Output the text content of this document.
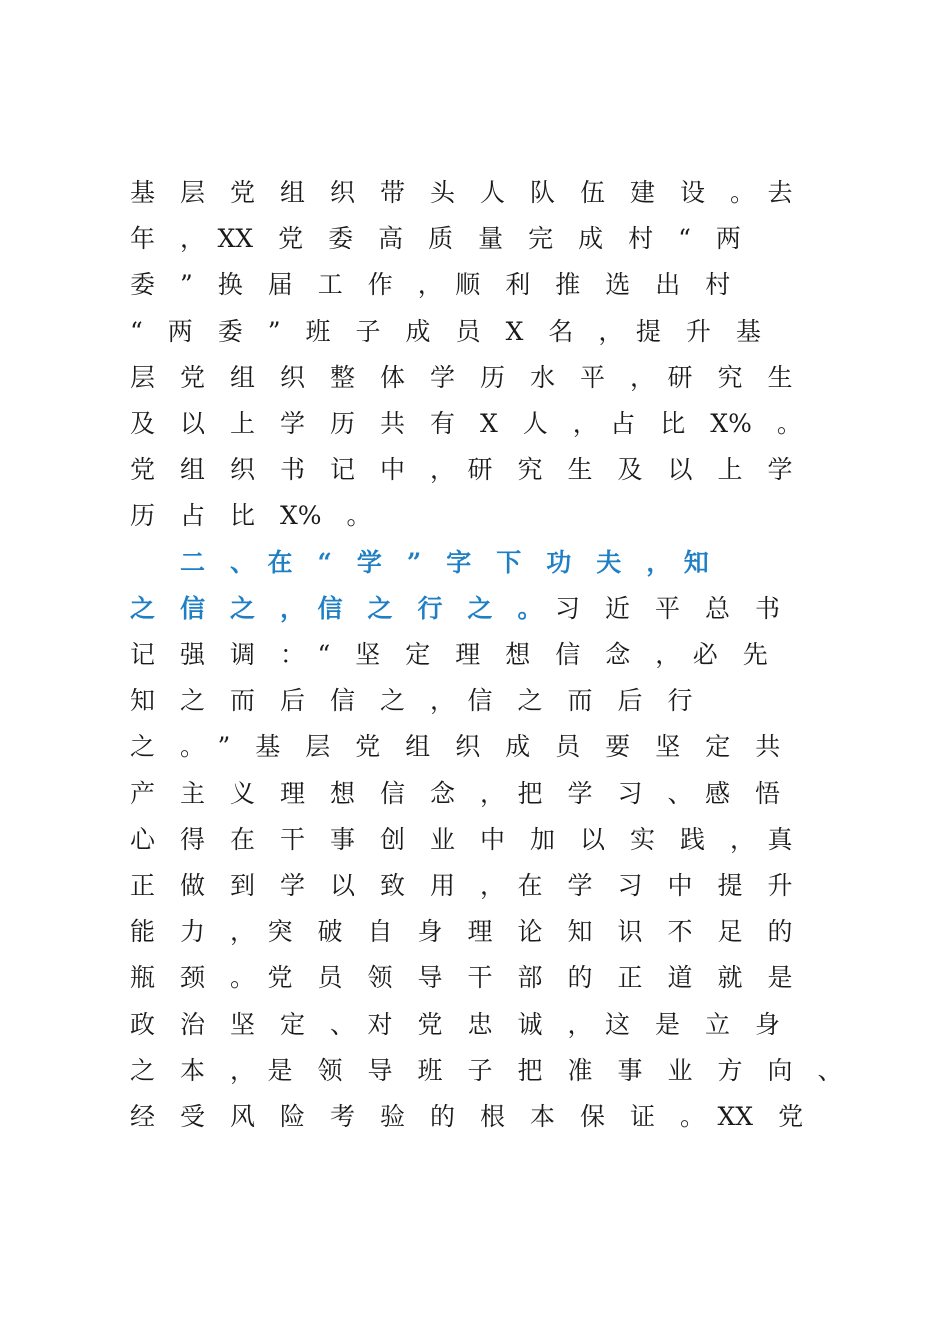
基　层　党　组　织　带　头　人　队　伍　建　设　。　去
年　，　XX　党　委　高　质　量　完　成　村　“　两
委　”　换　届　工　作　，　顺　利　推　选　出　村
“　两　委　”　班　子　成　员　X　名　，　提　升　基
层　党　组　织　整　体　学　历　水　平　，　研　究　生
及　以　上　学　历　共　有　X　人　，　占　比　X%　。
党　组　织　书　记　中　，　研　究　生　及　以　上　学
历　占　比　X%　。
　　二　、　在　“　学　”　字　下　功　夫　，　知
之　信　之　，　信　之　行　之　。　习　近　平　总　书
记　强　调　：　“　坚　定　理　想　信　念　，　必　先
知　之　而　后　信　之　，　信　之　而　后　行
之　。　”　基　层　党　组　织　成　员　要　坚　定　共
产　主　义　理　想　信　念　，　把　学　习　、　感　悟
心　得　在　干　事　创　业　中　加　以　实　践　，　真
正　做　到　学　以　致　用　，　在　学　习　中　提　升
能　力　，　突　破　自　身　理　论　知　识　不　足　的
瓶　颈　。　党　员　领　导　干　部　的　正　道　就　是
政　治　坚　定　、　对　党　忠　诚　，　这　是　立　身
之　本　，　是　领　导　班　子　把　准　事　业　方　向　、
经　受　风　险　考　验　的　根　本　保　证　。　XX　党
